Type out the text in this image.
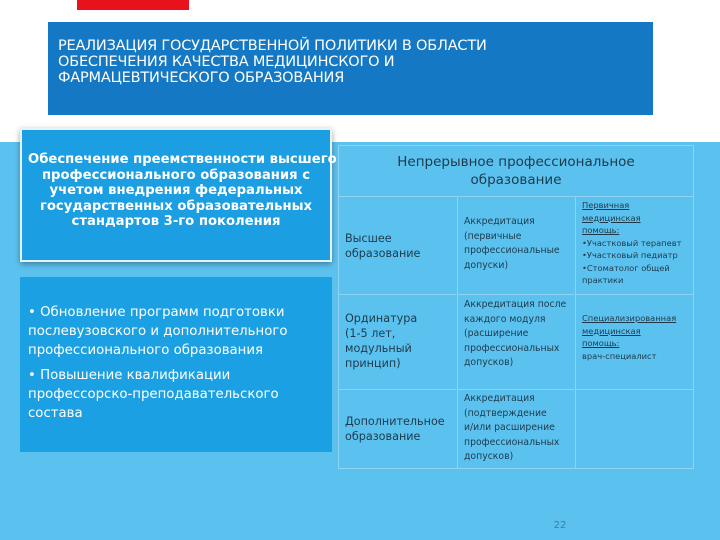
РЕАЛИЗАЦИЯ ГОСУДАРСТВЕННОЙ ПОЛИТИКИ В ОБЛАСТИ
ОБЕСПЕЧЕНИЯ КАЧЕСТВА МЕДИЦИНСКОГО И
ФАРМАЦЕВТИЧЕСКОГО ОБРАЗОВАНИЯ
Обеспечение преемственности высшего
профессионального образования с
учетом внедрения федеральных
государственных образовательных
стандартов 3-го поколения
• Обновление программ подготовки
послевузовского и дополнительного
профессионального образования
• Повышение квалификации
профессорско-преподавательского
состава
Непрерывное профессиональное
образование
Высшее
образование
Аккредитация
(первичные
профессиональные
допуски)
Первичная
медицинская
помощь:
•Участковый терапевт
•Участковый педиатр
•Стоматолог общей
практики
Ординатура
(1-5 лет,
модульный
принцип)
Аккредитация после
каждого модуля
(расширение
профессиональных
допусков)
Специализированная
медицинская
помощь:
врач-специалист
Дополнительное
образование
Аккредитация
(подтверждение
и/или расширение
профессиональных
допусков)
22
